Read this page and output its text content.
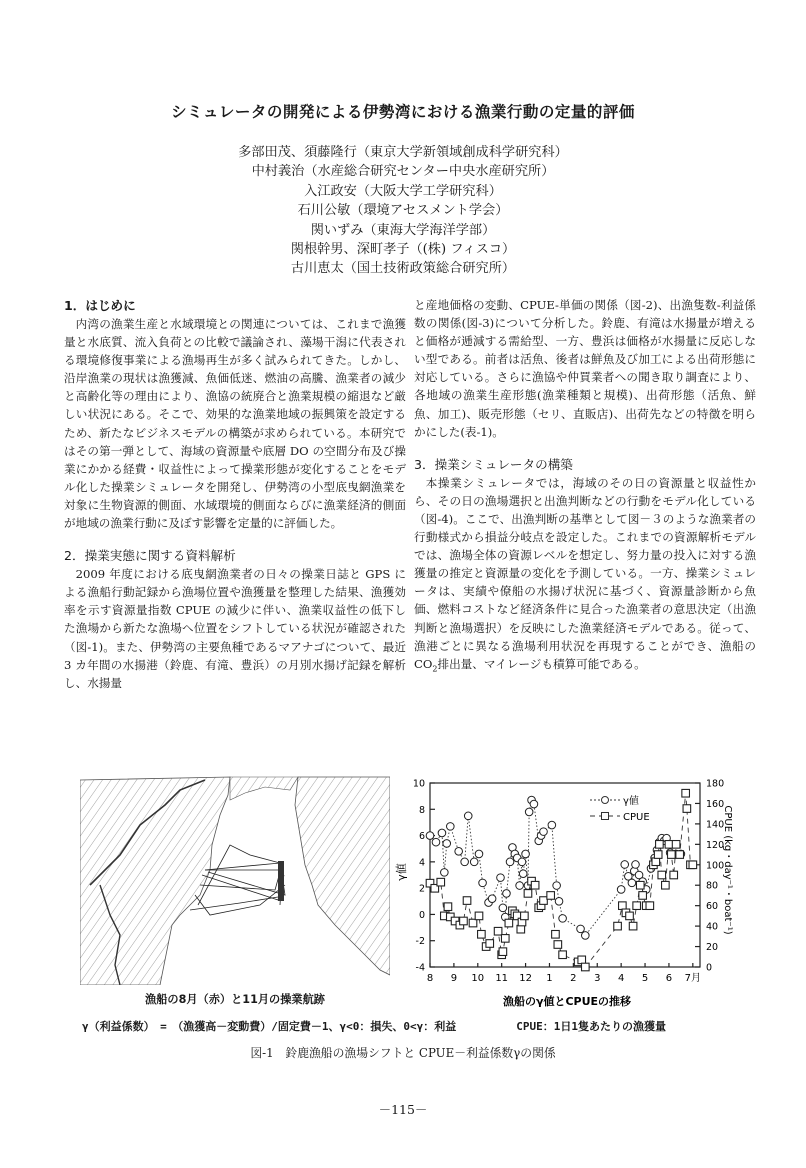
シミュレータの開発による伊勢湾における漁業行動の定量的評価
多部田茂、須藤隆行（東京大学新領域創成科学研究科）
中村義治（水産総合研究センター中央水産研究所）
入江政安（大阪大学工学研究科）
石川公敏（環境アセスメント学会）
関いずみ（東海大学海洋学部）
関根幹男、深町孝子（(株) フィスコ）
古川恵太（国土技術政策総合研究所）
1．はじめに

内湾の漁業生産と水域環境との関連については、これまで漁獲量と水底質、流入負荷との比較で議論され、藻場干潟に代表される環境修復事業による漁場再生が多く試みられてきた。しかし、沿岸漁業の現状は漁獲減、魚価低迷、燃油の高騰、漁業者の減少と高齢化等の理由により、漁協の統廃合と漁業規模の縮退など厳しい状況にある。そこで、効果的な漁業地域の振興策を設定するため、新たなビジネスモデルの構築が求められている。本研究ではその第一弾として、海域の資源量や底層 DO の空間分布及び操業にかかる経費・収益性によって操業形態が変化することをモデル化した操業シミュレータを開発し、伊勢湾の小型底曳網漁業を対象に生物資源的側面、水域環境的側面ならびに漁業経済的側面が地域の漁業行動に及ぼす影響を定量的に評価した。

2．操業実態に関する資料解析

2009 年度における底曳網漁業者の日々の操業日誌と GPS による漁船行動記録から漁場位置や漁獲量を整理した結果、漁獲効率を示す資源量指数 CPUE の減少に伴い、漁業収益性の低下した漁場から新たな漁場へ位置をシフトしている状況が確認された（図-1)。また、伊勢湾の主要魚種であるマアナゴについて、最近 3 カ年間の水揚港（鈴鹿、有滝、豊浜）の月別水揚げ記録を解析し、水揚量

と産地価格の変動、CPUE-単価の関係（図-2)、出漁隻数-利益係数の関係(図-3)について分析した。鈴鹿、有滝は水揚量が増えると価格が逓減する需給型、一方、豊浜は価格が水揚量に反応しない型である。前者は活魚、後者は鮮魚及び加工による出荷形態に対応している。さらに漁協や仲買業者への聞き取り調査により、各地域の漁業生産形態(漁業種類と規模)、出荷形態（活魚、鮮魚、加工)、販売形態（セリ、直販店)、出荷先などの特徴を明らかにした(表-1)。

3．操業シミュレータの構築

本操業シミュレータでは，海域のその日の資源量と収益性から、その日の漁場選択と出漁判断などの行動をモデル化している（図-4)。ここで、出漁判断の基準として図－３のような漁業者の行動様式から損益分岐点を設定した。これまでの資源解析モデルでは、漁場全体の資源レベルを想定し、努力量の投入に対する漁獲量の推定と資源量の変化を予測している。一方、操業シミュレータは、実績や僚船の水揚げ状況に基づく、資源量診断から魚価、燃料コストなど経済条件に見合った漁業者の意思決定（出漁判断と漁場選択）を反映にした漁業経済モデルである。従って、漁港ごとに異なる漁場利用状況を再現することができ、漁船の $CO_2$排出量、マイレージも積算可能である。

漁船の8月（赤）と11月の操業航跡
-4
-2
0
2
4
6
8
10
0
20
40
60
80
100
120
140
160
180
8 9 10 11 12 1 2 3 4 5 6 7月
漁船のγ値とCPUEの推移
γ値	CPUE (kg・day⁻¹・boat⁻¹)
γ値
CPUE
γ（利益係数）　=　（漁獲高－変動費）/固定費－1、γ<0：損失、0<γ：利益	CPUE：1日1隻あたりの漁獲量
図-1　鈴鹿漁船の漁場シフトと CPUE－利益係数γの関係
－115－
